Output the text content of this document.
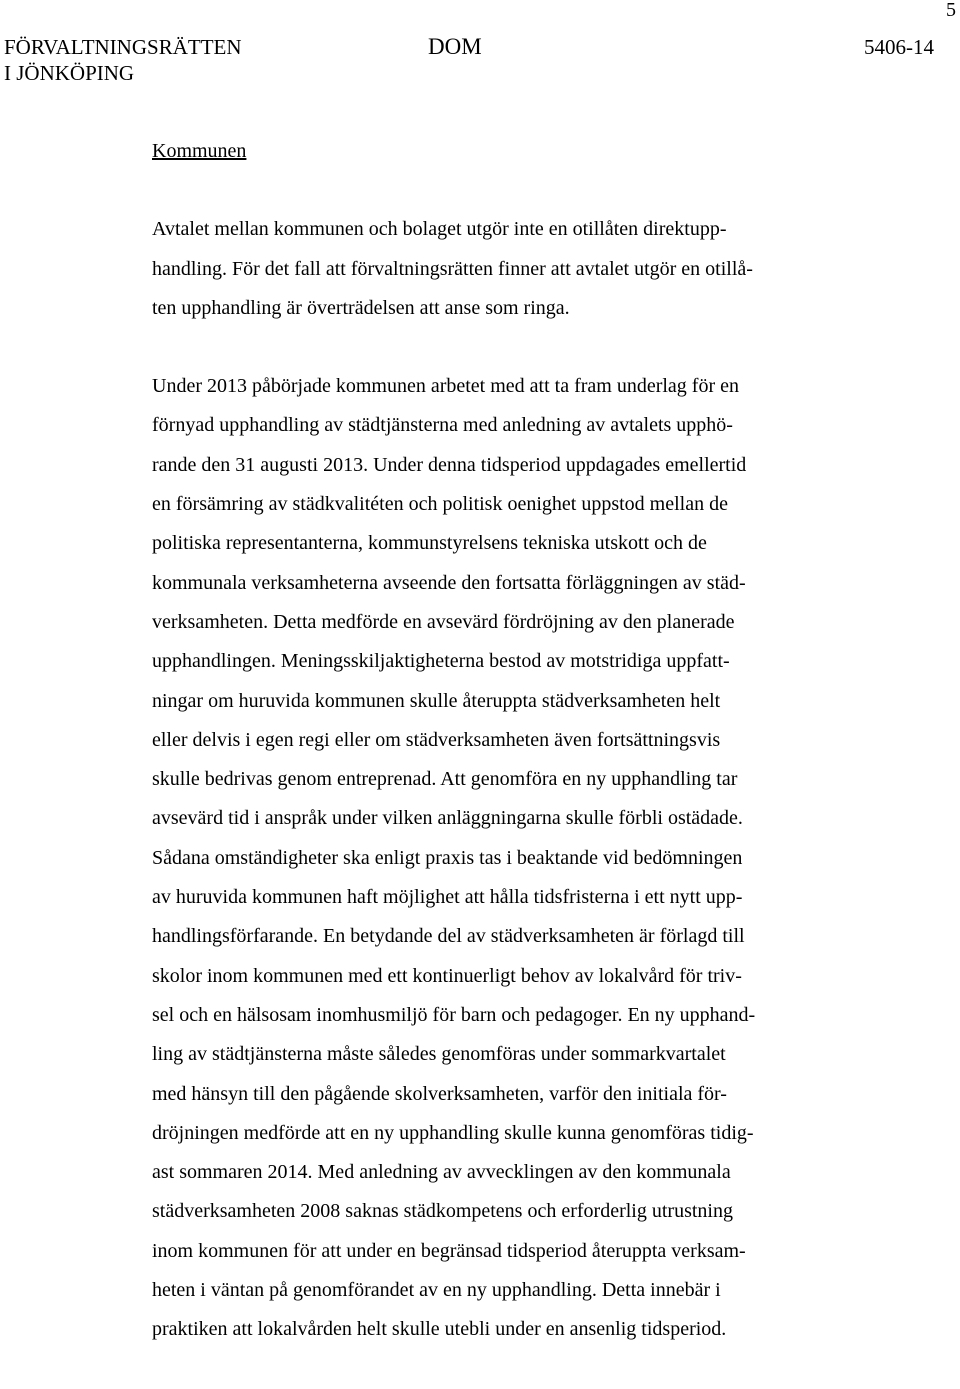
5
FÖRVALTNINGSRÄTTEN
I JÖNKÖPING
DOM	5406-14
Kommunen
Avtalet mellan kommunen och bolaget utgör inte en otillåten direktupp-
handling. För det fall att förvaltningsrätten finner att avtalet utgör en otillå-
ten upphandling är överträdelsen att anse som ringa.
Under 2013 påbörjade kommunen arbetet med att ta fram underlag för en
förnyad upphandling av städtjänsterna med anledning av avtalets upphö-
rande den 31 augusti 2013. Under denna tidsperiod uppdagades emellertid
en försämring av städkvalitéten och politisk oenighet uppstod mellan de
politiska representanterna, kommunstyrelsens tekniska utskott och de
kommunala verksamheterna avseende den fortsatta förläggningen av städ-
verksamheten. Detta medförde en avsevärd fördröjning av den planerade
upphandlingen. Meningsskiljaktigheterna bestod av motstridiga uppfatt-
ningar om huruvida kommunen skulle återuppta städverksamheten helt
eller delvis i egen regi eller om städverksamheten även fortsättningsvis
skulle bedrivas genom entreprenad. Att genomföra en ny upphandling tar
avsevärd tid i anspråk under vilken anläggningarna skulle förbli ostädade.
Sådana omständigheter ska enligt praxis tas i beaktande vid bedömningen
av huruvida kommunen haft möjlighet att hålla tidsfristerna i ett nytt upp-
handlingsförfarande. En betydande del av städverksamheten är förlagd till
skolor inom kommunen med ett kontinuerligt behov av lokalvård för triv-
sel och en hälsosam inomhusmiljö för barn och pedagoger. En ny upphand-
ling av städtjänsterna måste således genomföras under sommarkvartalet
med hänsyn till den pågående skolverksamheten, varför den initiala för-
dröjningen medförde att en ny upphandling skulle kunna genomföras tidig-
ast sommaren 2014. Med anledning av avvecklingen av den kommunala
städverksamheten 2008 saknas städkompetens och erforderlig utrustning
inom kommunen för att under en begränsad tidsperiod återuppta verksam-
heten i väntan på genomförandet av en ny upphandling. Detta innebär i
praktiken att lokalvården helt skulle utebli under en ansenlig tidsperiod.
